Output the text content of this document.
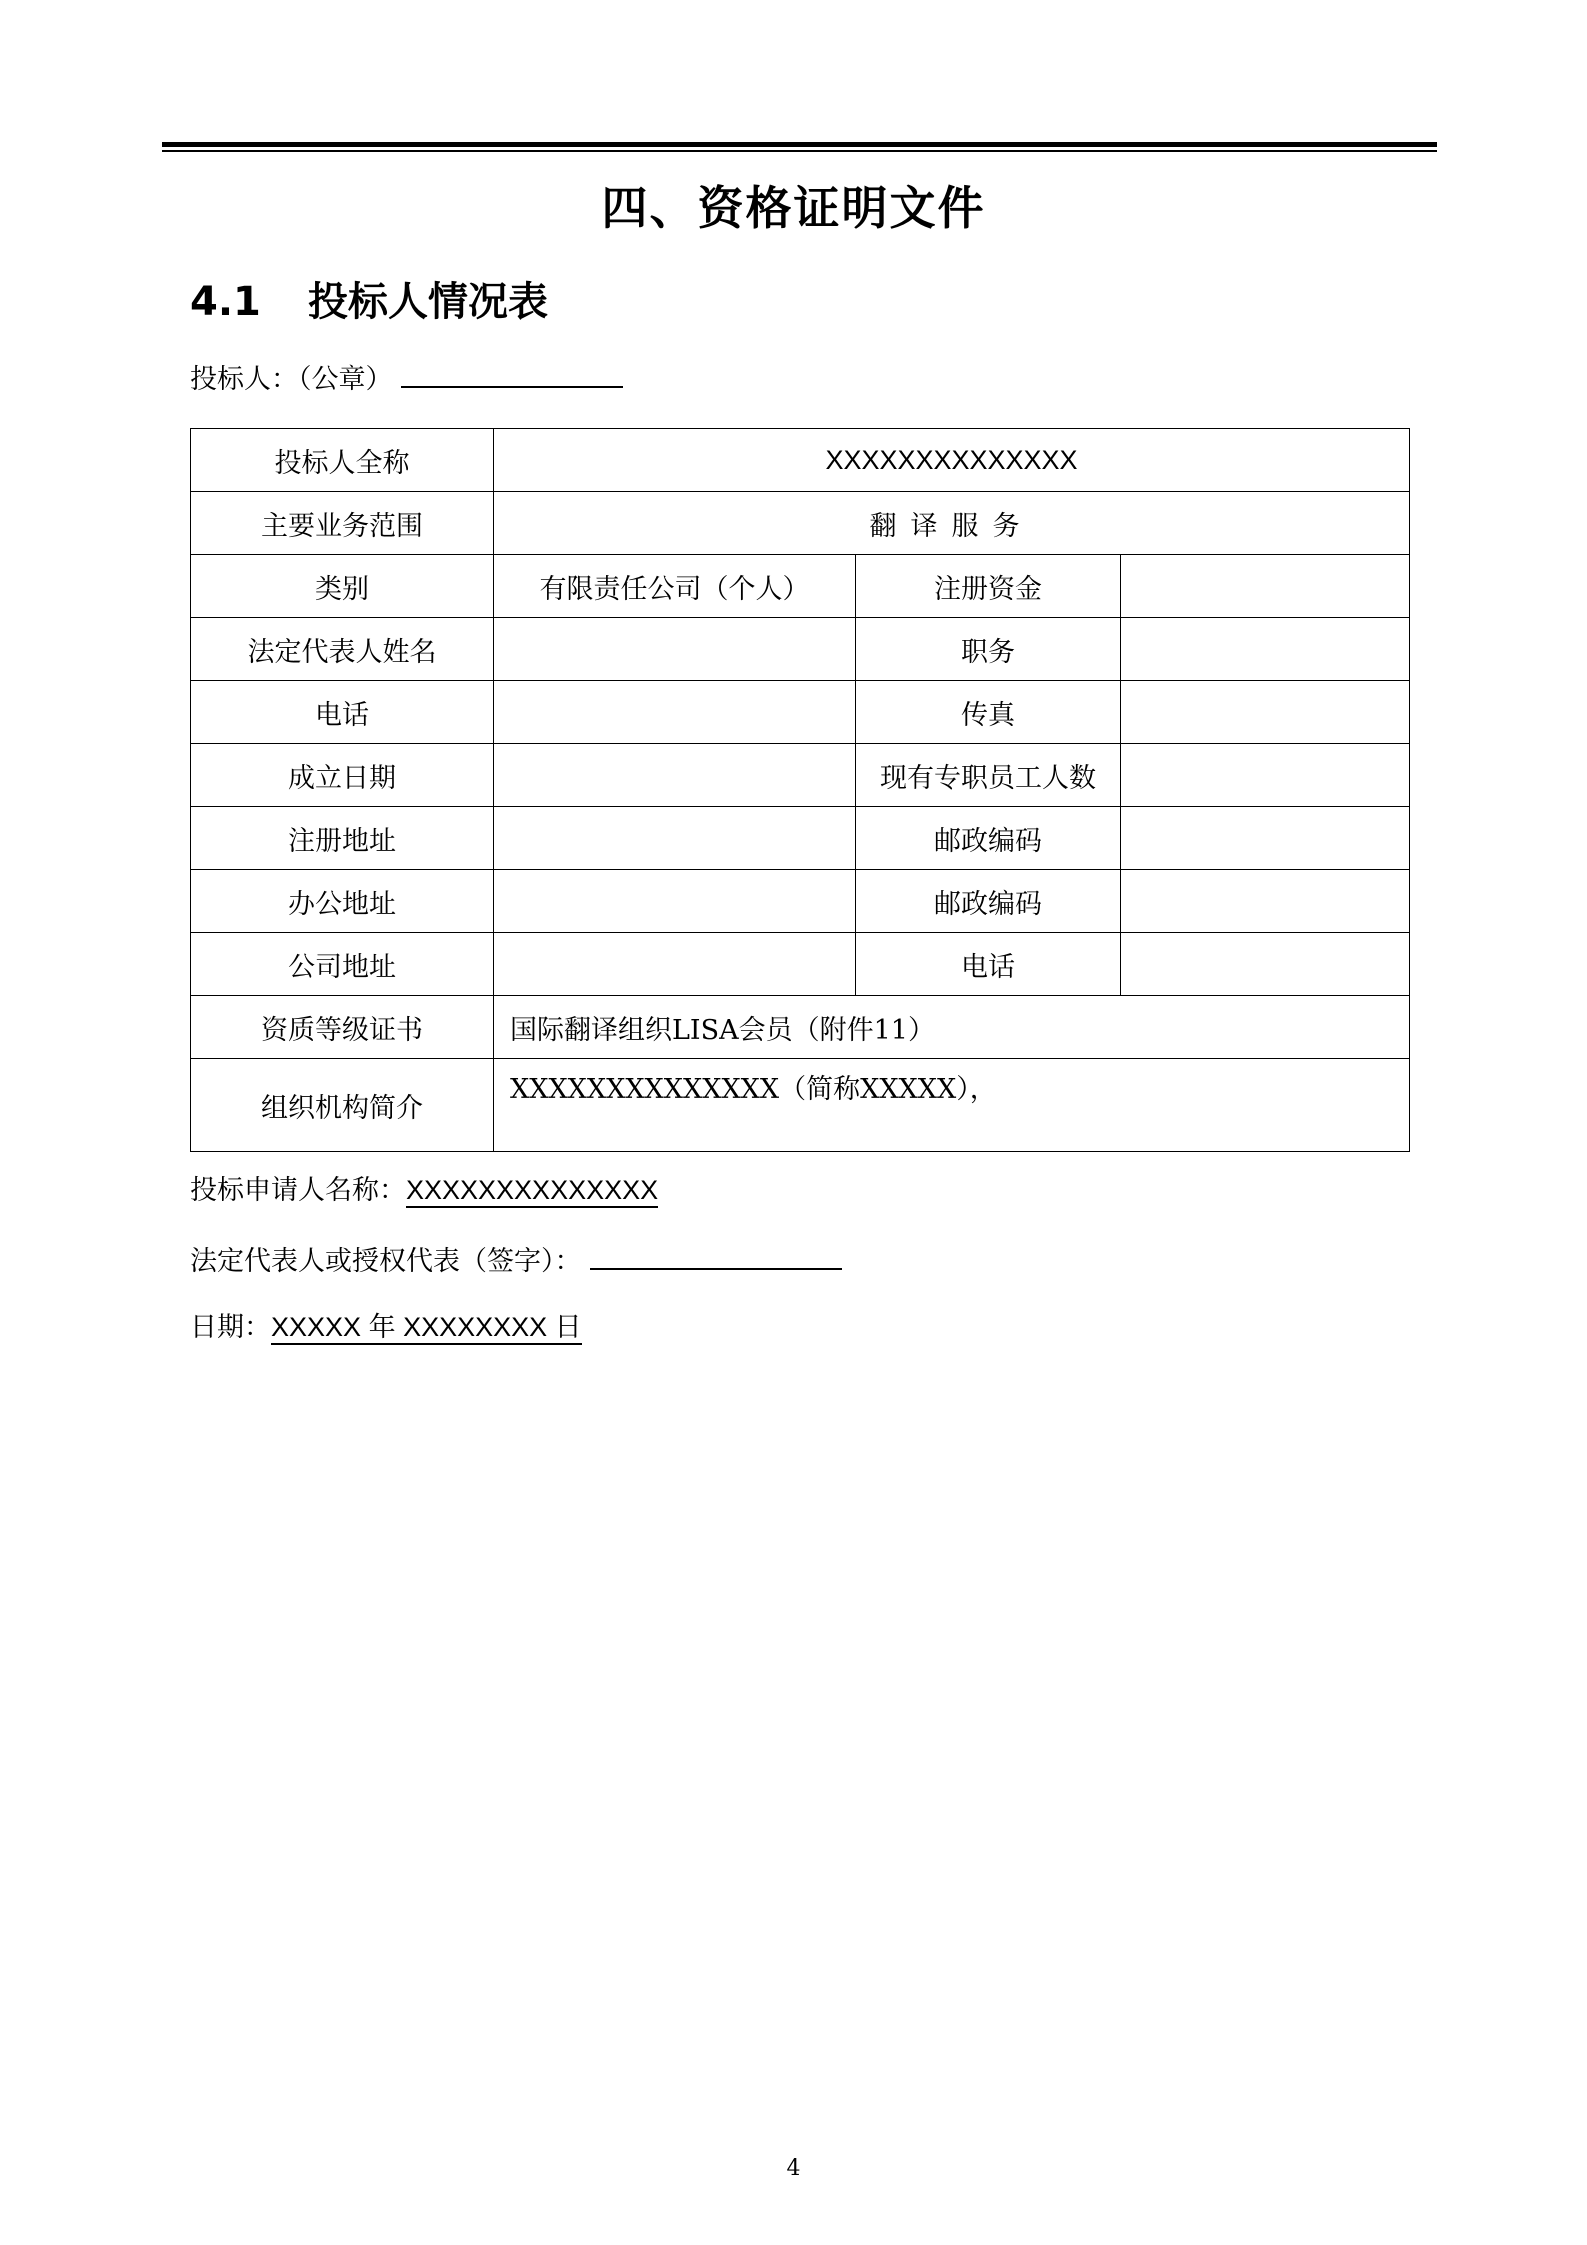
四、资格证明文件
4.1 投标人情况表
投标人：（公章）
投标人全称	XXXXXXXXXXXXXX		
主要业务范围	翻译服务		
类别	有限责任公司（个人）	注册资金	
法定代表人姓名		职务	
电话		传真	
成立日期		现有专职员工人数	
注册地址		邮政编码	
办公地址		邮政编码	
公司地址		电话	
资质等级证书	国际翻译组织LISA会员（附件11）		
组织机构简介	XXXXXXXXXXXXXX（简称XXXXX），		
投标申请人名称：XXXXXXXXXXXXXX
法定代表人或授权代表（签字）：
日期：XXXXX 年 XXXXXXXX 日
4
